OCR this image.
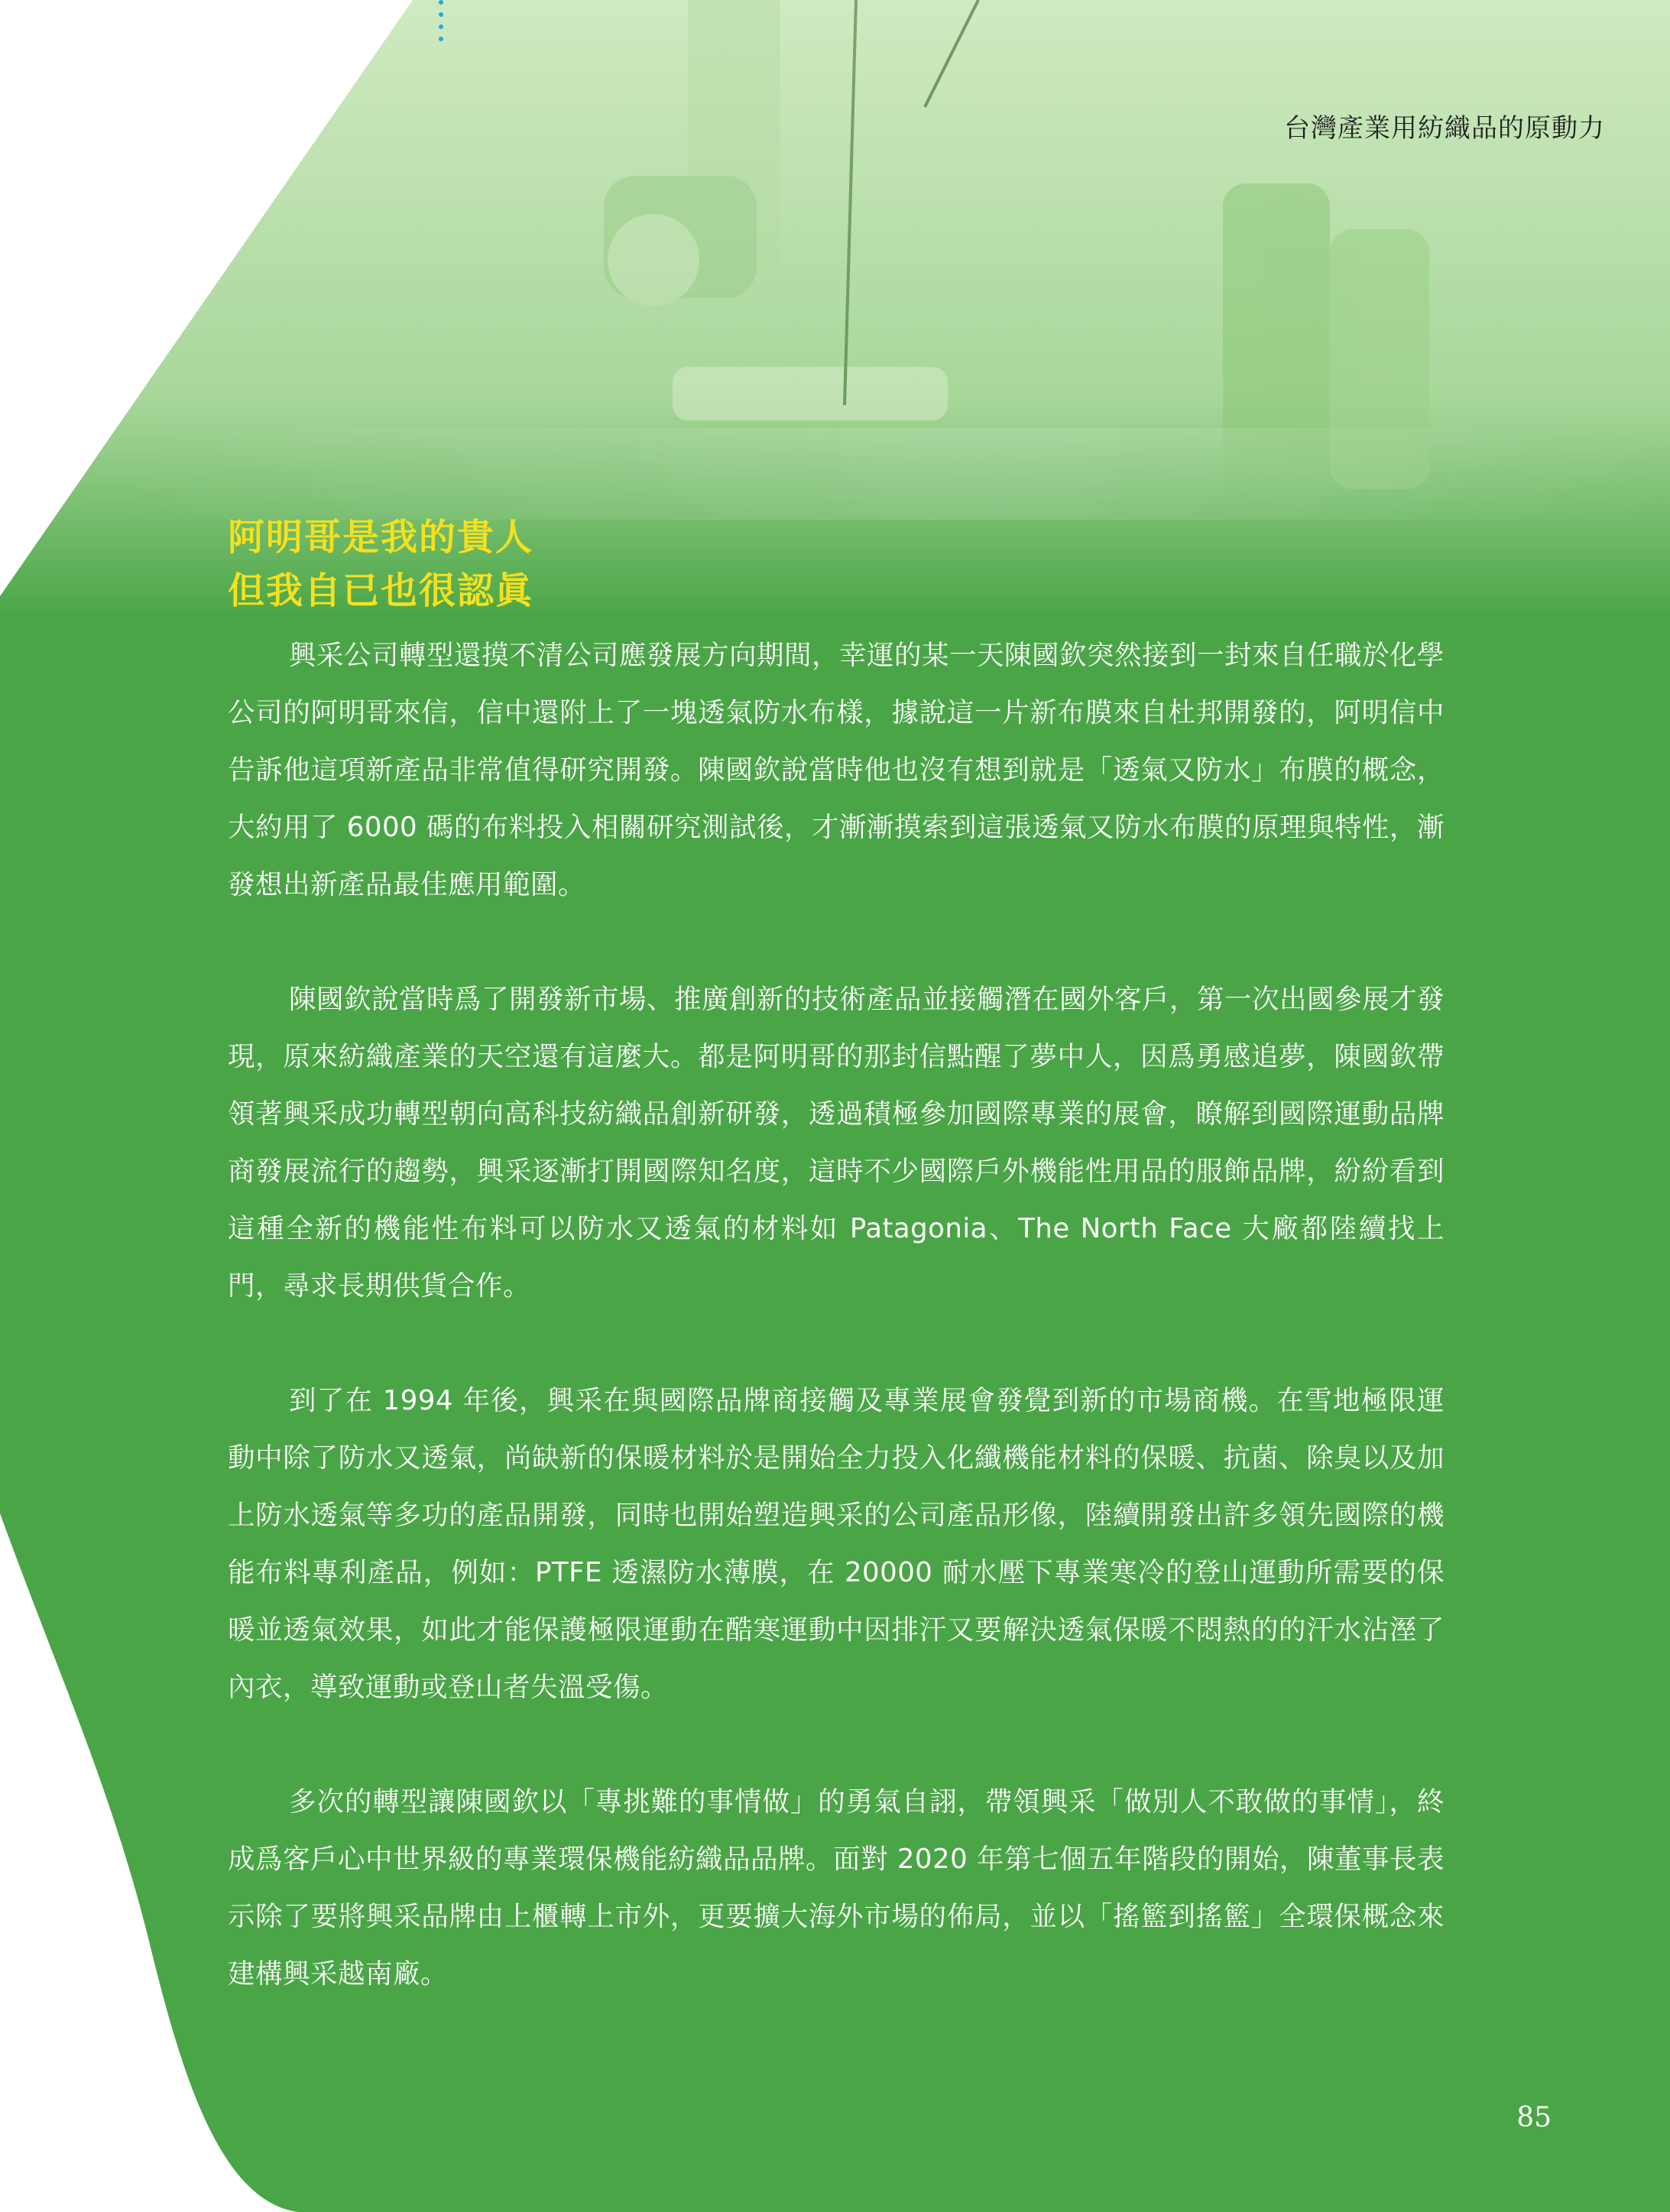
台灣產業用紡織品的原動力
阿明哥是我的貴人
但我自已也很認眞

興采公司轉型還摸不清公司應發展方向期間，幸運的某一天陳國欽突然接到一封來自任職於化學公司的阿明哥來信，信中還附上了一塊透氣防水布樣，據說這一片新布膜來自杜邦開發的，阿明信中告訴他這項新產品非常值得研究開發。陳國欽說當時他也沒有想到就是「透氣又防水」布膜的概念，大約用了 6000 碼的布料投入相關研究測試後，才漸漸摸索到這張透氣又防水布膜的原理與特性，漸發想出新產品最佳應用範圍。

陳國欽說當時爲了開發新市場、推廣創新的技術產品並接觸潛在國外客戶，第一次出國參展才發現，原來紡織產業的天空還有這麼大。都是阿明哥的那封信點醒了夢中人，因爲勇感追夢，陳國欽帶領著興采成功轉型朝向高科技紡織品創新研發，透過積極參加國際專業的展會，瞭解到國際運動品牌商發展流行的趨勢，興采逐漸打開國際知名度，這時不少國際戶外機能性用品的服飾品牌，紛紛看到這種全新的機能性布料可以防水又透氣的材料如 Patagonia、The North Face 大廠都陸續找上門，尋求長期供貨合作。

到了在 1994 年後，興采在與國際品牌商接觸及專業展會發覺到新的市場商機。在雪地極限運動中除了防水又透氣，尚缺新的保暖材料於是開始全力投入化纖機能材料的保暖、抗菌、除臭以及加上防水透氣等多功的產品開發，同時也開始塑造興采的公司產品形像，陸續開發出許多領先國際的機能布料專利產品，例如：PTFE 透濕防水薄膜，在 20000 耐水壓下專業寒冷的登山運動所需要的保暖並透氣效果，如此才能保護極限運動在酷寒運動中因排汗又要解決透氣保暖不悶熱的的汗水沾溼了內衣，導致運動或登山者失溫受傷。

多次的轉型讓陳國欽以「專挑難的事情做」的勇氣自詡，帶領興采「做別人不敢做的事情」，終成爲客戶心中世界級的專業環保機能紡織品品牌。面對 2020 年第七個五年階段的開始，陳董事長表示除了要將興采品牌由上櫃轉上市外，更要擴大海外市場的佈局，並以「搖籃到搖籃」全環保概念來建構興采越南廠。

85
